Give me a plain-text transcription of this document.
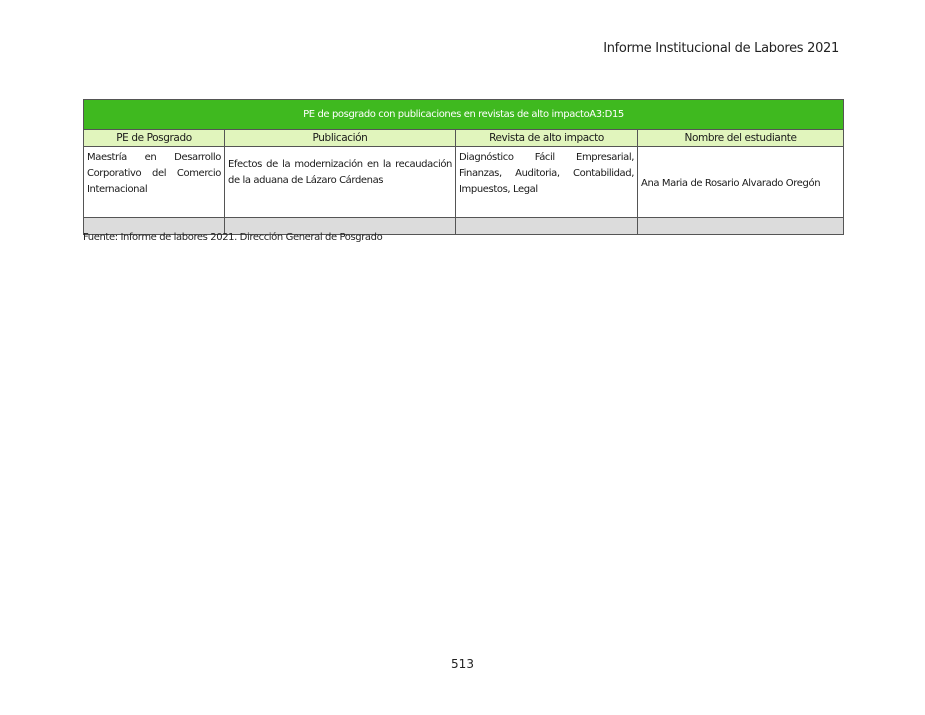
Informe Institucional de Labores 2021
PE de posgrado con publicaciones en revistas de alto impactoA3:D15			
PE de Posgrado	Publicación	Revista de alto impacto	Nombre del estudiante
Maestría en Desarrollo Corporativo del Comercio Internacional	Efectos de la modernización en la recaudación de la aduana de Lázaro Cárdenas	Diagnóstico Fácil Empresarial, Finanzas, Auditoria, Contabilidad, Impuestos, Legal	Ana Maria de Rosario Alvarado Oregón

Fuente: Informe de labores 2021. Dirección General de Posgrado
513
